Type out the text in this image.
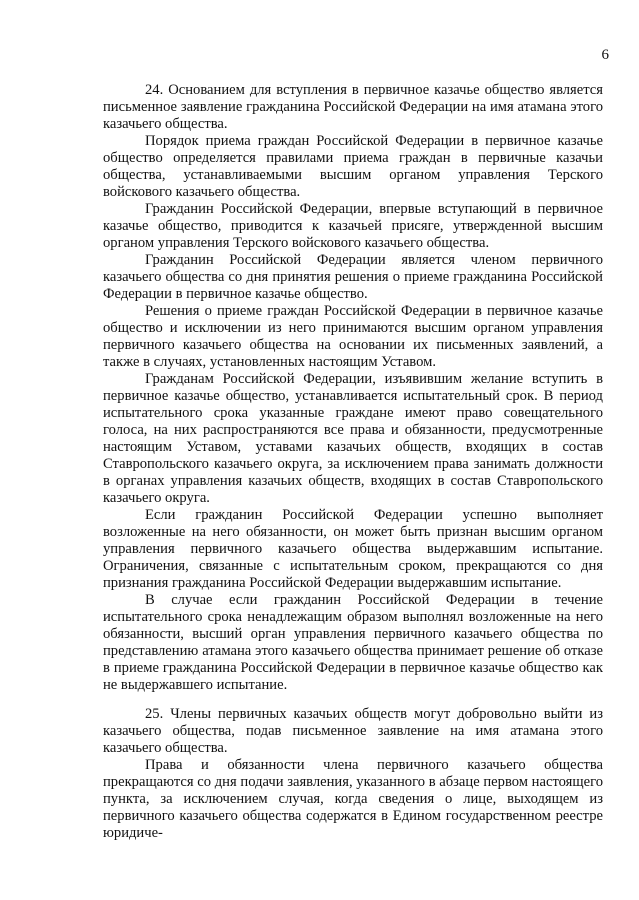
6

24. Основанием для вступления в первичное казачье общество является письменное заявление гражданина Российской Федерации на имя атамана этого казачьего общества.

Порядок приема граждан Российской Федерации в первичное казачье общество определяется правилами приема граждан в первичные казачьи общества, устанавливаемыми высшим органом управления Терского войскового казачьего общества.

Гражданин Российской Федерации, впервые вступающий в первичное казачье общество, приводится к казачьей присяге, утвержденной высшим органом управления Терского войскового казачьего общества.

Гражданин Российской Федерации является членом первичного казачьего общества со дня принятия решения о приеме гражданина Российской Федерации в первичное казачье общество.

Решения о приеме граждан Российской Федерации в первичное казачье общество и исключении из него принимаются высшим органом управления первичного казачьего общества на основании их письменных заявлений, а также в случаях, установленных настоящим Уставом.

Гражданам Российской Федерации, изъявившим желание вступить в первичное казачье общество, устанавливается испытательный срок. В период испытательного срока указанные граждане имеют право совещательного голоса, на них распространяются все права и обязанности, предусмотренные настоящим Уставом, уставами казачьих обществ, входящих в состав Ставропольского казачьего округа, за исключением права занимать должности в органах управления казачьих обществ, входящих в состав Ставропольского казачьего округа.

Если гражданин Российской Федерации успешно выполняет возложенные на него обязанности, он может быть признан высшим органом управления первичного казачьего общества выдержавшим испытание. Ограничения, связанные с испытательным сроком, прекращаются со дня признания гражданина Российской Федерации выдержавшим испытание.

В случае если гражданин Российской Федерации в течение испытательного срока ненадлежащим образом выполнял возложенные на него обязанности, высший орган управления первичного казачьего общества по представлению атамана этого казачьего общества принимает решение об отказе в приеме гражданина Российской Федерации в первичное казачье общество как не выдержавшего испытание.

25. Члены первичных казачьих обществ могут добровольно выйти из казачьего общества, подав письменное заявление на имя атамана этого казачьего общества.

Права и обязанности члена первичного казачьего общества прекращаются со дня подачи заявления, указанного в абзаце первом настоящего пункта, за исключением случая, когда сведения о лице, выходящем из первичного казачьего общества содержатся в Едином государственном реестре юридиче-
